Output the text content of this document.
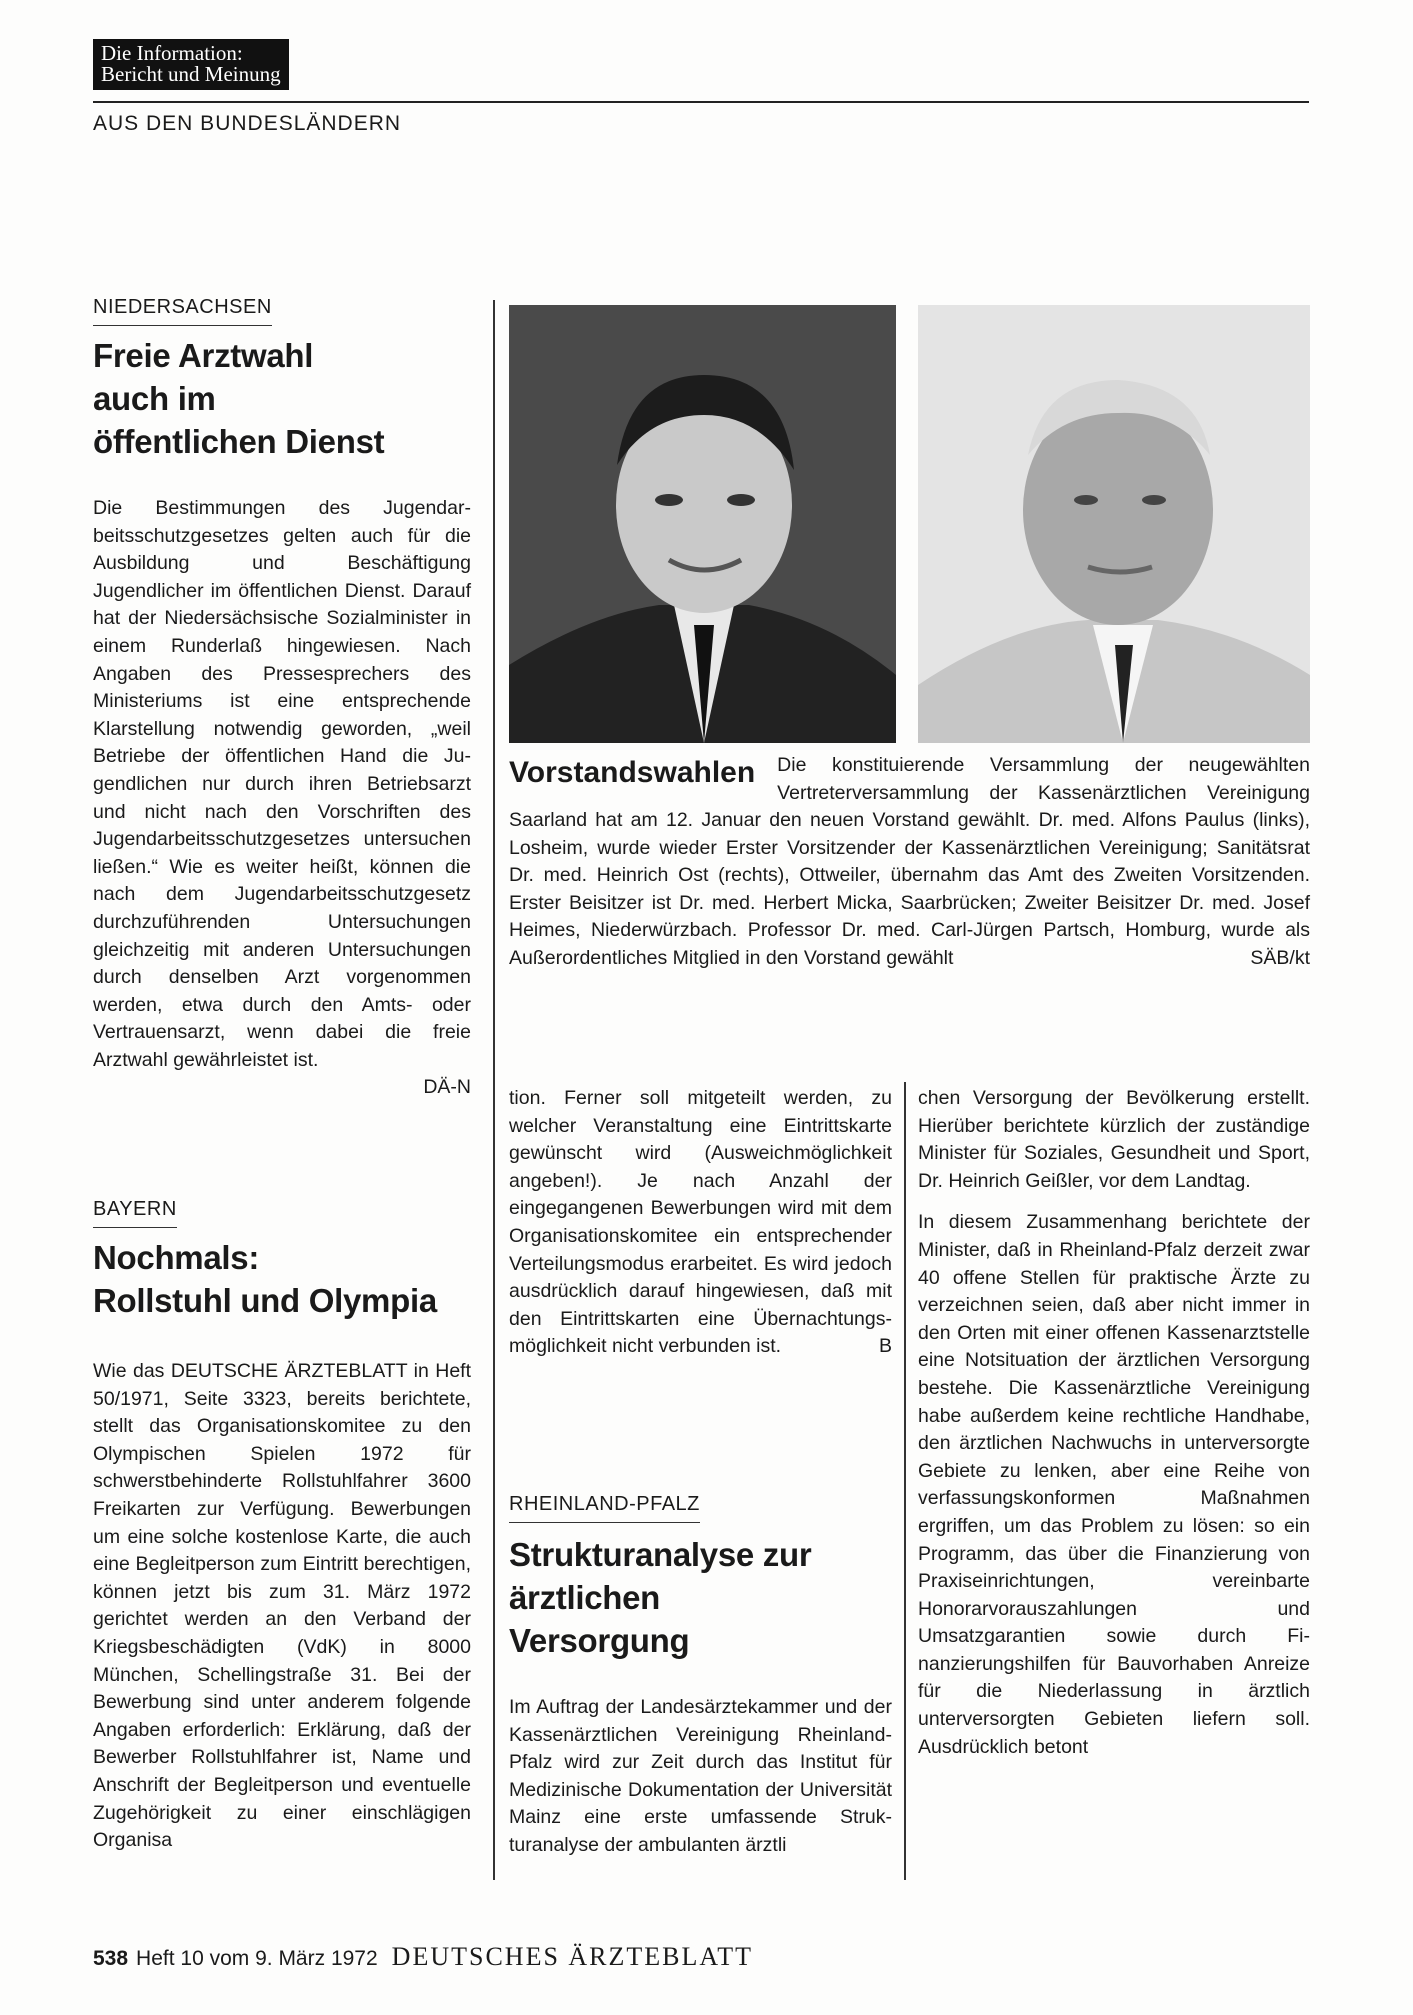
Die Information:
Bericht und Meinung
AUS DEN BUNDESLÄNDERN
NIEDERSACHSEN
Freie Arztwahl
auch im
öffentlichen Dienst

Die Bestimmungen des Jugendarbeitsschutzgesetzes gelten auch für die Ausbildung und Beschäftigung Jugendlicher im öffentlichen Dienst. Darauf hat der Niedersächsische Sozialminister in einem Runderlaß hingewiesen. Nach Angaben des Pressesprechers des Ministeriums ist eine entsprechende Klarstellung notwendig geworden, „weil Betriebe der öffentlichen Hand die Jugendlichen nur durch ihren Betriebsarzt und nicht nach den Vorschriften des Jugendarbeitsschutzgesetzes untersuchen ließen.“ Wie es weiter heißt, können die nach dem Jugendarbeitsschutzgesetz durchzuführenden Untersuchungen gleichzeitig mit anderen Untersuchungen durch denselben Arzt vorgenommen werden, etwa durch den Amts- oder Vertrauensarzt, wenn dabei die freie Arztwahl gewährleistet ist.

DÄ-N
BAYERN
Nochmals:
Rollstuhl und Olympia

Wie das DEUTSCHE ÄRZTEBLATT in Heft 50/1971, Seite 3323, bereits berichtete, stellt das Organisationskomitee zu den Olympischen Spielen 1972 für schwerstbehinderte Rollstuhlfahrer 3600 Freikarten zur Verfügung. Bewerbungen um eine solche kostenlose Karte, die auch eine Begleitperson zum Eintritt berechtigen, können jetzt bis zum 31. März 1972 gerichtet werden an den Verband der Kriegsbeschädigten (VdK) in 8000 München, Schellingstraße 31. Bei der Bewerbung sind unter anderem folgende Angaben erforderlich: Erklärung, daß der Bewerber Rollstuhlfahrer ist, Name und Anschrift der Begleitperson und eventuelle Zugehörigkeit zu einer einschlägigen Organisa

Vorstandswahlen Die konstituierende Versammlung der neugewählten Vertreterversammlung der Kassenärztlichen Vereinigung Saarland hat am 12. Januar den neuen Vorstand gewählt. Dr. med. Alfons Paulus (links), Losheim, wurde wieder Erster Vorsitzender der Kassenärztlichen Vereinigung; Sanitätsrat Dr. med. Heinrich Ost (rechts), Ottweiler, übernahm das Amt des Zweiten Vorsitzenden. Erster Beisitzer ist Dr. med. Herbert Micka, Saarbrücken; Zweiter Beisitzer Dr. med. Josef Heimes, Niederwürzbach. Professor Dr. med. Carl-Jürgen Partsch, Homburg, wurde als Außerordentliches Mitglied in den Vorstand gewählt	SÄB/kt

tion. Ferner soll mitgeteilt werden, zu welcher Veranstaltung eine Eintrittskarte gewünscht wird (Ausweichmöglichkeit angeben!). Je nach Anzahl der eingegangenen Bewerbungen wird mit dem Organisationskomitee ein entsprechender Verteilungsmodus erarbeitet. Es wird jedoch ausdrücklich darauf hingewiesen, daß mit den Eintrittskarten eine Übernachtungsmöglichkeit nicht verbunden ist.	B
RHEINLAND-PFALZ
Strukturanalyse zur
ärztlichen
Versorgung

Im Auftrag der Landesärztekammer und der Kassenärztlichen Vereinigung Rheinland-Pfalz wird zur Zeit durch das Institut für Medizinische Dokumentation der Universität Mainz eine erste umfassende Strukturanalyse der ambulanten ärztli

chen Versorgung der Bevölkerung erstellt. Hierüber berichtete kürzlich der zuständige Minister für Soziales, Gesundheit und Sport, Dr. Heinrich Geißler, vor dem Landtag.

In diesem Zusammenhang berichtete der Minister, daß in Rheinland-Pfalz derzeit zwar 40 offene Stellen für praktische Ärzte zu verzeichnen seien, daß aber nicht immer in den Orten mit einer offenen Kassenarztstelle eine Notsituation der ärztlichen Versorgung bestehe. Die Kassenärztliche Vereinigung habe außerdem keine rechtliche Handhabe, den ärztlichen Nachwuchs in unterversorgte Gebiete zu lenken, aber eine Reihe von verfassungskonformen Maßnahmen ergriffen, um das Problem zu lösen: so ein Programm, das über die Finanzierung von Praxiseinrichtungen, vereinbarte Honorarvorauszahlungen und Umsatzgarantien sowie durch Finanzierungshilfen für Bauvorhaben Anreize für die Niederlassung in ärztlich unterversorgten Gebieten liefern soll. Ausdrücklich betont

538 Heft 10 vom 9. März 1972 DEUTSCHES ÄRZTEBLATT
